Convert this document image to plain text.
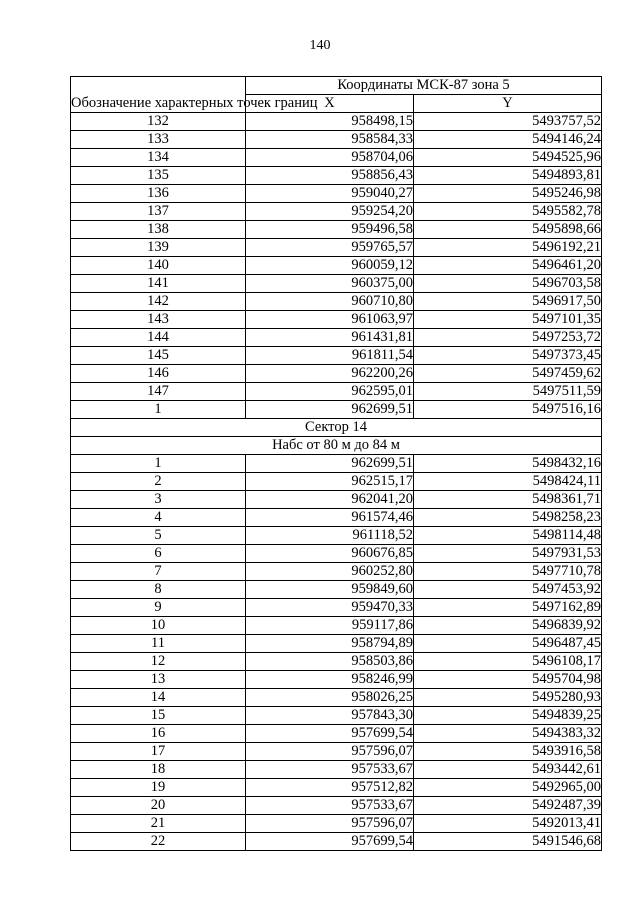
140
Обозначение характерных точек границ	Координаты МСК-87 зона 5	
	X	Y
132	958498,15	5493757,52
133	958584,33	5494146,24
134	958704,06	5494525,96
135	958856,43	5494893,81
136	959040,27	5495246,98
137	959254,20	5495582,78
138	959496,58	5495898,66
139	959765,57	5496192,21
140	960059,12	5496461,20
141	960375,00	5496703,58
142	960710,80	5496917,50
143	961063,97	5497101,35
144	961431,81	5497253,72
145	961811,54	5497373,45
146	962200,26	5497459,62
147	962595,01	5497511,59
1	962699,51	5497516,16
Сектор 14		
Набс от 80 м до 84 м		
1	962699,51	5498432,16
2	962515,17	5498424,11
3	962041,20	5498361,71
4	961574,46	5498258,23
5	961118,52	5498114,48
6	960676,85	5497931,53
7	960252,80	5497710,78
8	959849,60	5497453,92
9	959470,33	5497162,89
10	959117,86	5496839,92
11	958794,89	5496487,45
12	958503,86	5496108,17
13	958246,99	5495704,98
14	958026,25	5495280,93
15	957843,30	5494839,25
16	957699,54	5494383,32
17	957596,07	5493916,58
18	957533,67	5493442,61
19	957512,82	5492965,00
20	957533,67	5492487,39
21	957596,07	5492013,41
22	957699,54	5491546,68
